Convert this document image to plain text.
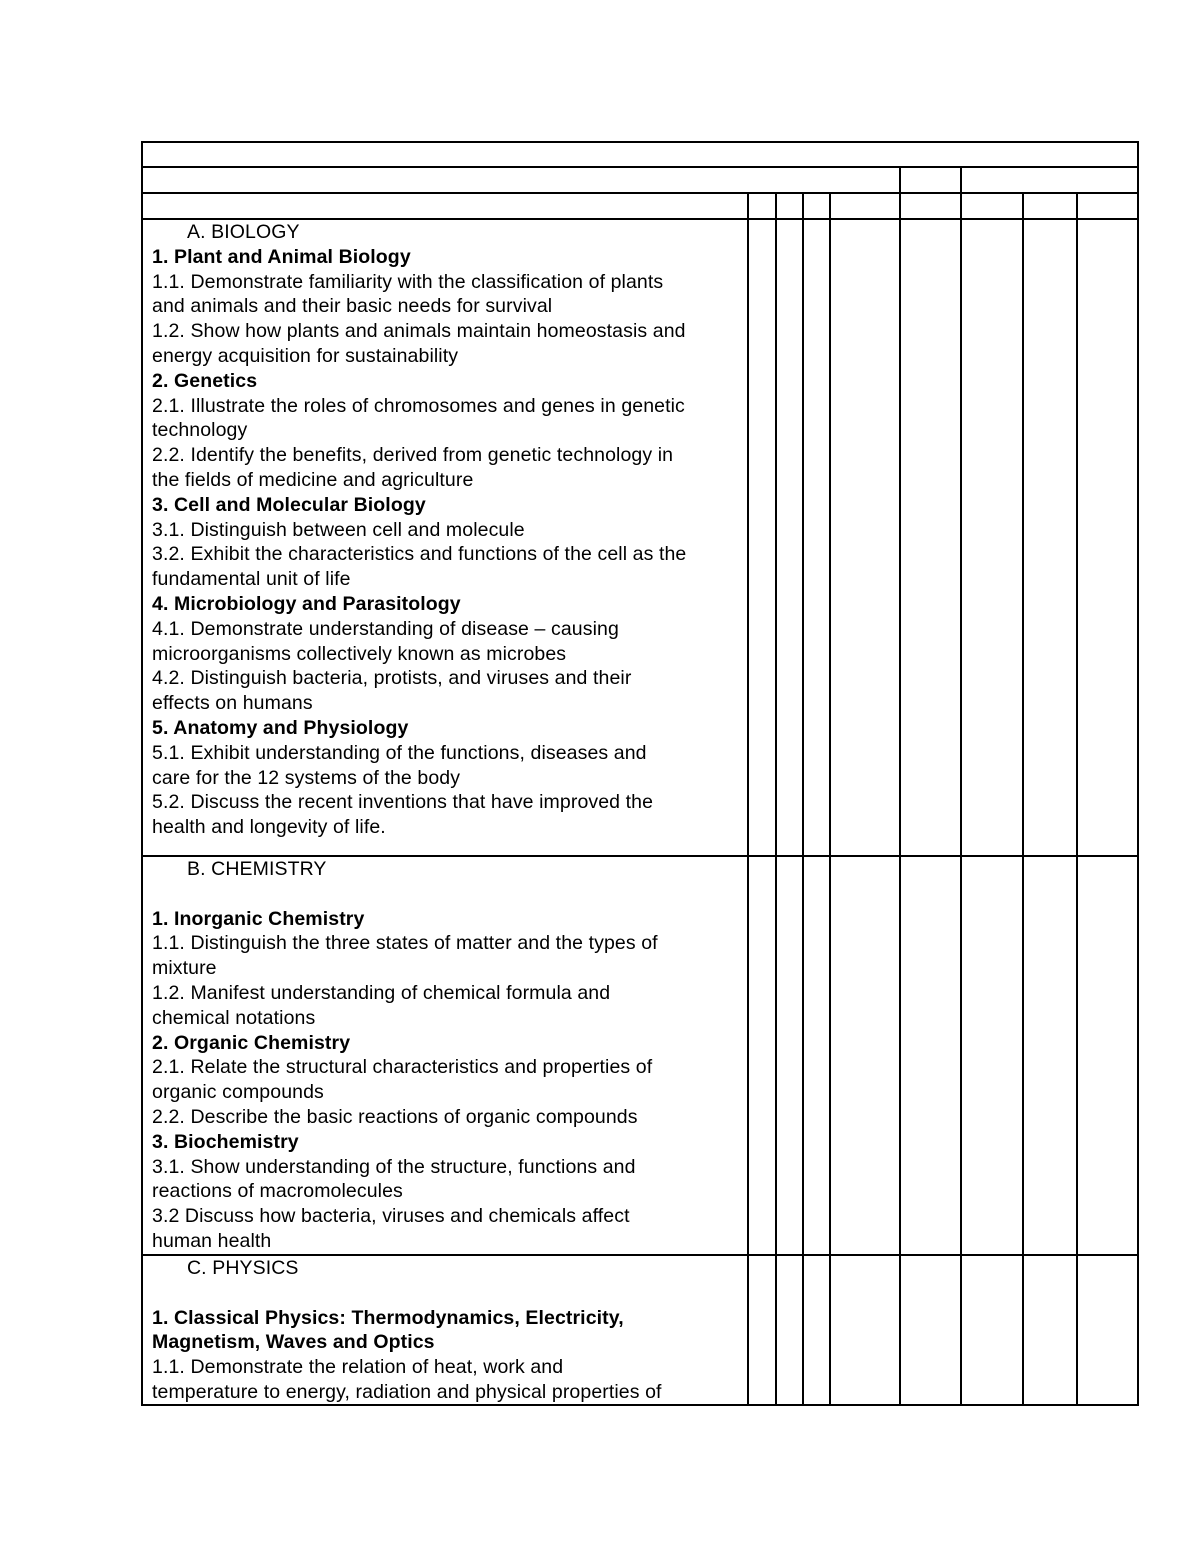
A. BIOLOGY
1. Plant and Animal Biology
1.1. Demonstrate familiarity with the classification of plants
and animals and their basic needs for survival
1.2. Show how plants and animals maintain homeostasis and
energy acquisition for sustainability
2. Genetics
2.1. Illustrate the roles of chromosomes and genes in genetic
technology
2.2. Identify the benefits, derived from genetic technology in
the fields of medicine and agriculture
3. Cell and Molecular Biology
3.1. Distinguish between cell and molecule
3.2. Exhibit the characteristics and functions of the cell as the
fundamental unit of life
4. Microbiology and Parasitology
4.1. Demonstrate understanding of disease – causing
microorganisms collectively known as microbes
4.2. Distinguish bacteria, protists, and viruses and their
effects on humans
5. Anatomy and Physiology
5.1. Exhibit understanding of the functions, diseases and
care for the 12 systems of the body
5.2. Discuss the recent inventions that have improved the
health and longevity of life.
B. CHEMISTRY
1. Inorganic Chemistry
1.1. Distinguish the three states of matter and the types of
mixture
1.2. Manifest understanding of chemical formula and
chemical notations
2. Organic Chemistry
2.1. Relate the structural characteristics and properties of
organic compounds
2.2. Describe the basic reactions of organic compounds
3. Biochemistry
3.1. Show understanding of the structure, functions and
reactions of macromolecules
3.2 Discuss how bacteria, viruses and chemicals affect
human health
C. PHYSICS
1. Classical Physics: Thermodynamics, Electricity,
Magnetism, Waves and Optics
1.1. Demonstrate the relation of heat, work and
temperature to energy, radiation and physical properties of
